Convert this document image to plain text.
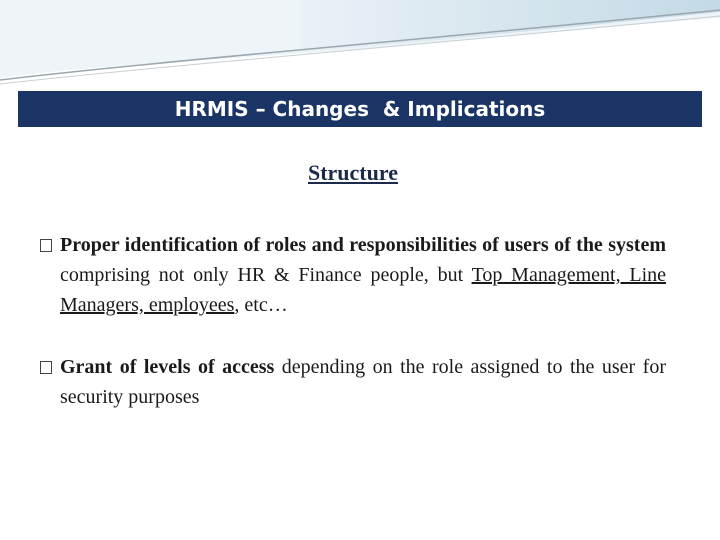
HRMIS – Changes  & Implications
Structure
Proper identification of roles and responsibilities of users of the system comprising not only HR & Finance people, but Top Management, Line Managers, employees, etc…
Grant of levels of access depending on the role assigned to the user for security purposes
